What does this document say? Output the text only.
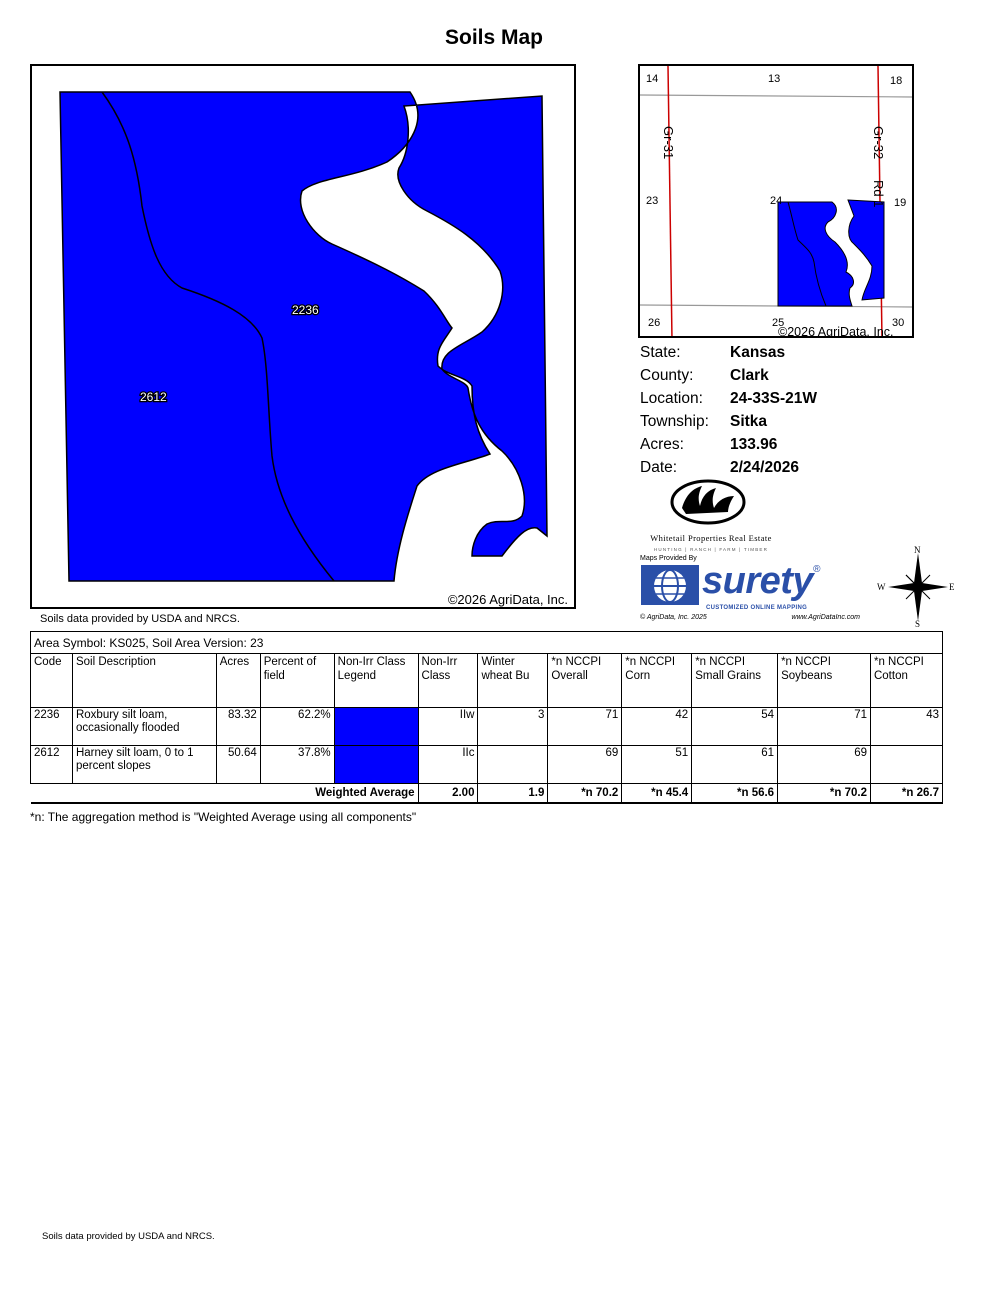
Soils Map
2236
2612
©2026 AgriData, Inc.
Soils data provided by USDA and NRCS.
14	13	18
23	24	19
26	25	30
Gr-31	Gr-32
Rd 1
©2026 AgriData, Inc.
State:	Kansas
County:	Clark
Location:	24-33S-21W
Township:	Sitka
Acres:	133.96
Date:	2/24/2026
Whitetail Properties Real Estate
HUNTING | RANCH | FARM | TIMBER
Maps Provided By
surety ®
CUSTOMIZED ONLINE MAPPING
© AgriData, Inc. 2025	www.AgriDataInc.com
N
S
W	E
Area Symbol: KS025, Soil Area Version: 23											
Code	Soil Description	Acres	Percent of field	Non-Irr Class Legend	Non-Irr Class	Winter wheat Bu	*n NCCPI Overall	*n NCCPI Corn	*n NCCPI Small Grains	*n NCCPI Soybeans	*n NCCPI Cotton
2236	Roxbury silt loam, occasionally flooded	83.32	62.2%		IIw	3	71	42	54	71	43
2612	Harney silt loam, 0 to 1 percent slopes	50.64	37.8%		IIc		69	51	61	69	
Weighted Average					2.00	1.9	*n 70.2	*n 45.4	*n 56.6	*n 70.2	*n 26.7
*n: The aggregation method is "Weighted Average using all components"
Soils data provided by USDA and NRCS.
